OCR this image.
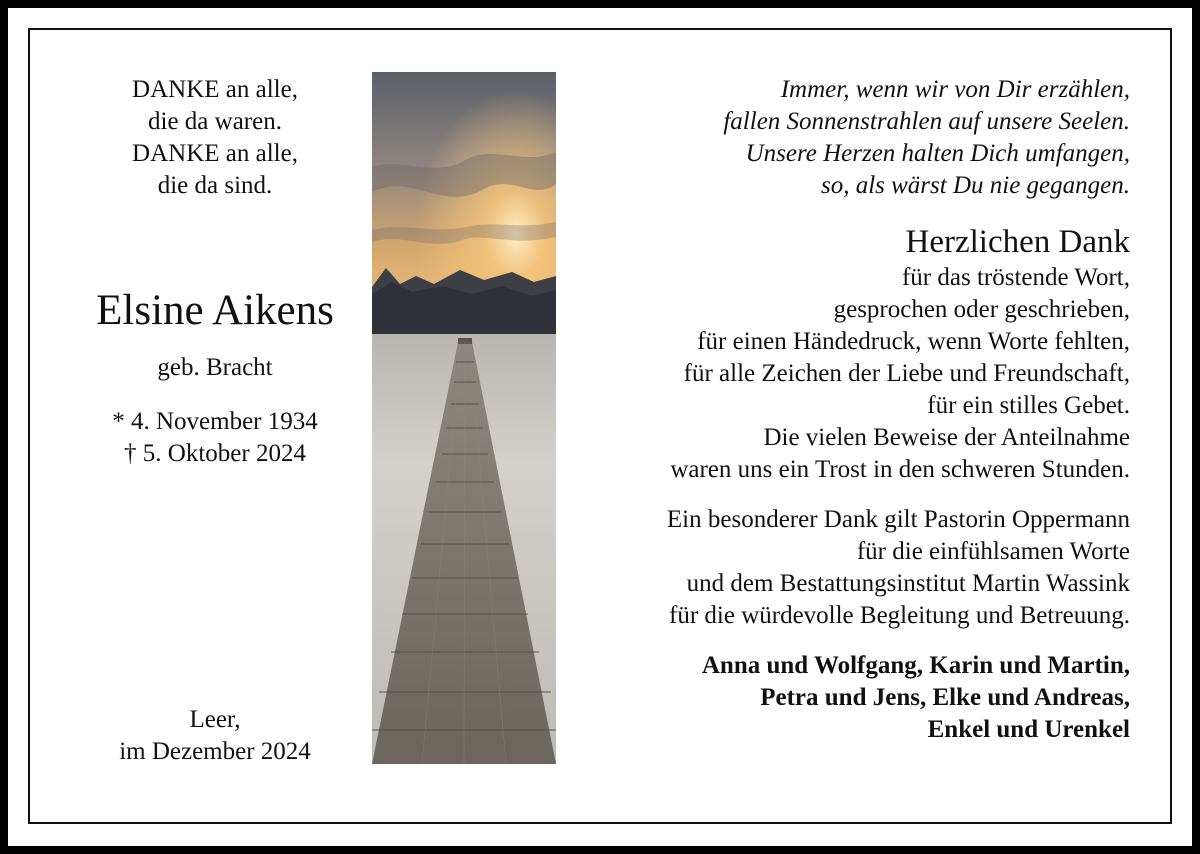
DANKE an alle,
die da waren.
DANKE an alle,
die da sind.
Elsine Aikens
geb. Bracht
* 4. November 1934
† 5. Oktober 2024
Leer,
im Dezember 2024
Immer, wenn wir von Dir erzählen,
fallen Sonnenstrahlen auf unsere Seelen.
Unsere Herzen halten Dich umfangen,
so, als wärst Du nie gegangen.
Herzlichen Dank
für das tröstende Wort,
gesprochen oder geschrieben,
für einen Händedruck, wenn Worte fehlten,
für alle Zeichen der Liebe und Freundschaft,
für ein stilles Gebet.
Die vielen Beweise der Anteilnahme
waren uns ein Trost in den schweren Stunden.
Ein besonderer Dank gilt Pastorin Oppermann
für die einfühlsamen Worte
und dem Bestattungsinstitut Martin Wassink
für die würdevolle Begleitung und Betreuung.
Anna und Wolfgang, Karin und Martin,
Petra und Jens, Elke und Andreas,
Enkel und Urenkel
